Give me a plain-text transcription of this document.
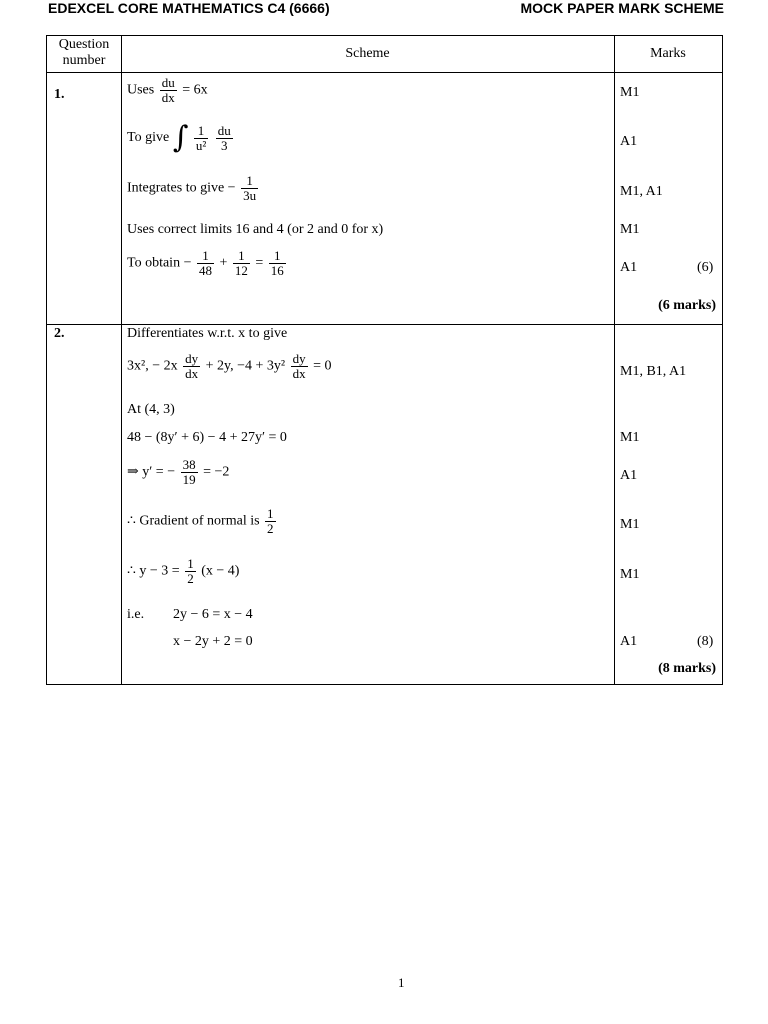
EDEXCEL CORE MATHEMATICS C4 (6666)	MOCK PAPER MARK SCHEME
Question
number	Scheme	Marks
1.	Uses $\frac{du}{dx} = 6x$	M1
To give ∫ $\frac{1}{\text{u²}}$
$\frac{du}{3}$	A1
Integrates to give − $\frac{1}{3u}$	M1, A1
Uses correct limits 16 and 4 (or 2 and 0 for x)	M1
To obtain − $\frac{1}{48} + \frac{1}{12} = \frac{1}{16}$	A1	(6)
(6 marks)
2.	Differentiates w.r.t. x to give
3x², − $2x \frac{dy}{dx} + 2y$, $-4 + 3y^2 \frac{dy}{dx} = 0$	M1, B1, A1
At (4, 3)
48 − (8y′ + 6) − 4 + 27y′ = 0	M1
⇒ y′ = − $\frac{38}{19} = -2$	A1
∴ Gradient of normal is $\frac{1}{2}$	M1
∴ $y - 3 = \frac{1}{2} (x - 4)$	M1
i.e. 2y − 6 = x − 4
x − 2y + 2 = 0	A1	(8)
(8 marks)
1
